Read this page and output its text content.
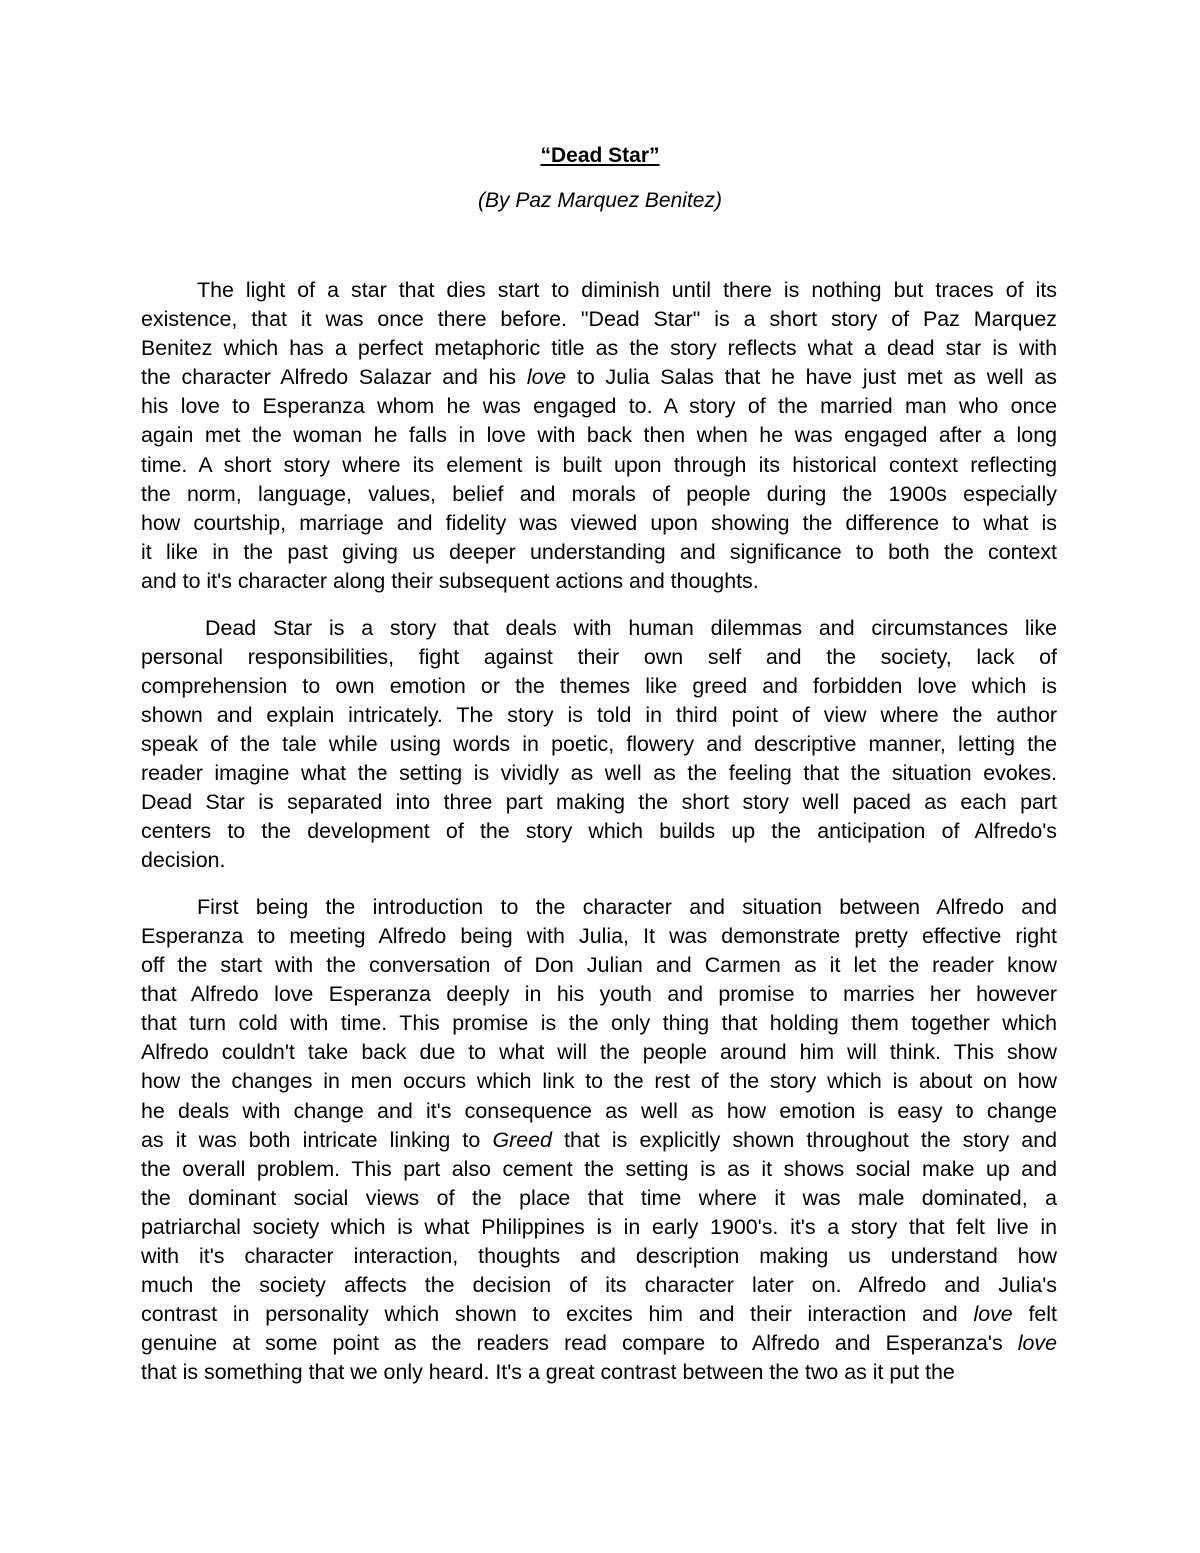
“Dead Star”
(By Paz Marquez Benitez)
The light of a star that dies start to diminish until there is nothing but traces of its
existence, that it was once there before. "Dead Star" is a short story of Paz Marquez
Benitez which has a perfect metaphoric title as the story reflects what a dead star is with
the character Alfredo Salazar and his love to Julia Salas that he have just met as well as
his love to Esperanza whom he was engaged to. A story of the married man who once
again met the woman he falls in love with back then when he was engaged after a long
time. A short story where its element is built upon through its historical context reflecting
the norm, language, values, belief and morals of people during the 1900s especially
how courtship, marriage and fidelity was viewed upon showing the difference to what is
it like in the past giving us deeper understanding and significance to both the context
and to it's character along their subsequent actions and thoughts.
Dead Star is a story that deals with human dilemmas and circumstances like
personal responsibilities, fight against their own self and the society, lack of
comprehension to own emotion or the themes like greed and forbidden love which is
shown and explain intricately. The story is told in third point of view where the author
speak of the tale while using words in poetic, flowery and descriptive manner, letting the
reader imagine what the setting is vividly as well as the feeling that the situation evokes.
Dead Star is separated into three part making the short story well paced as each part
centers to the development of the story which builds up the anticipation of Alfredo's
decision.
First being the introduction to the character and situation between Alfredo and
Esperanza to meeting Alfredo being with Julia, It was demonstrate pretty effective right
off the start with the conversation of Don Julian and Carmen as it let the reader know
that Alfredo love Esperanza deeply in his youth and promise to marries her however
that turn cold with time. This promise is the only thing that holding them together which
Alfredo couldn't take back due to what will the people around him will think. This show
how the changes in men occurs which link to the rest of the story which is about on how
he deals with change and it's consequence as well as how emotion is easy to change
as it was both intricate linking to Greed that is explicitly shown throughout the story and
the overall problem. This part also cement the setting is as it shows social make up and
the dominant social views of the place that time where it was male dominated, a
patriarchal society which is what Philippines is in early 1900's. it's a story that felt live in
with it's character interaction, thoughts and description making us understand how
much the society affects the decision of its character later on. Alfredo and Julia's
contrast in personality which shown to excites him and their interaction and love felt
genuine at some point as the readers read compare to Alfredo and Esperanza's love
that is something that we only heard. It's a great contrast between the two as it put the
